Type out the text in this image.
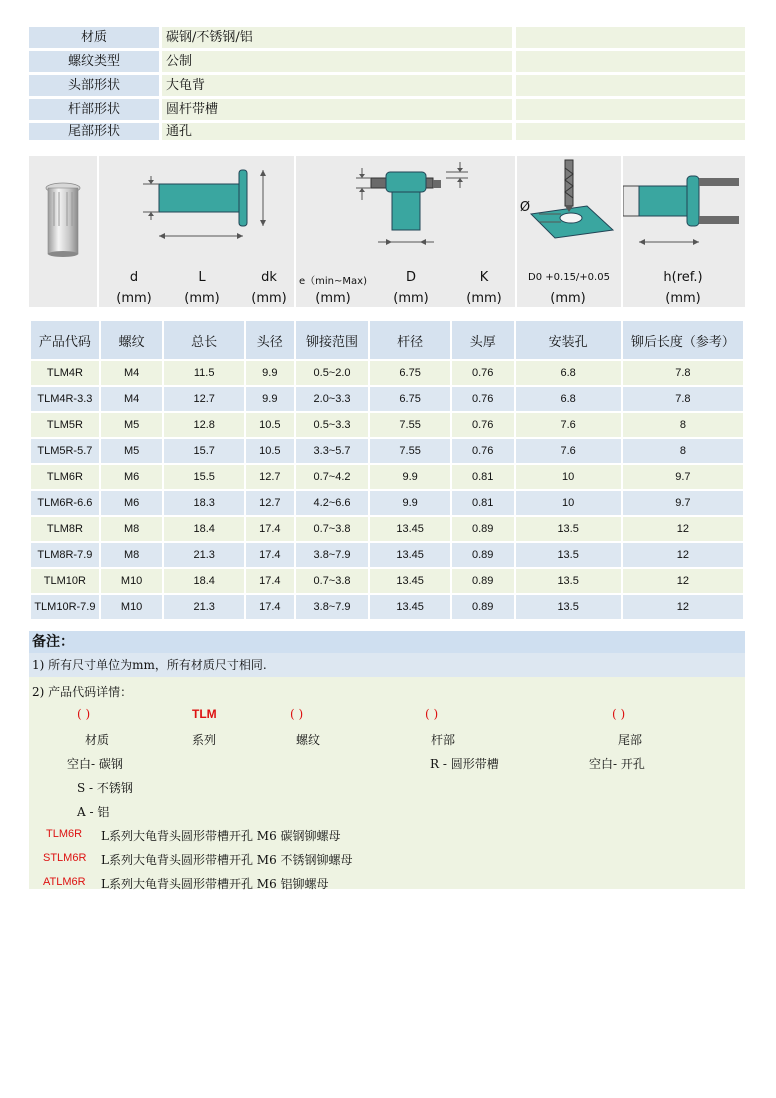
材质	碳钢/不锈钢/铝
螺纹类型	公制
头部形状	大龟背
杆部形状	圆杆带槽
尾部形状	通孔
d	L	dk
(mm)	(mm)	(mm)
e（min~Max)	D	K
(mm)	(mm)	(mm)
Ø
D0 +0.15/+0.05
(mm)
h(ref.)
(mm)
产品代码	螺纹	总长	头径	铆接范围	杆径	头厚	安装孔	铆后长度（参考）
TLM4R	M4	11.5	9.9	0.5~2.0	6.75	0.76	6.8	7.8
TLM4R-3.3	M4	12.7	9.9	2.0~3.3	6.75	0.76	6.8	7.8
TLM5R	M5	12.8	10.5	0.5~3.3	7.55	0.76	7.6	8
TLM5R-5.7	M5	15.7	10.5	3.3~5.7	7.55	0.76	7.6	8
TLM6R	M6	15.5	12.7	0.7~4.2	9.9	0.81	10	9.7
TLM6R-6.6	M6	18.3	12.7	4.2~6.6	9.9	0.81	10	9.7
TLM8R	M8	18.4	17.4	0.7~3.8	13.45	0.89	13.5	12
TLM8R-7.9	M8	21.3	17.4	3.8~7.9	13.45	0.89	13.5	12
TLM10R	M10	18.4	17.4	0.7~3.8	13.45	0.89	13.5	12
TLM10R-7.9	M10	21.3	17.4	3.8~7.9	13.45	0.89	13.5	12
备注：
1) 所有尺寸单位为mm，所有材质尺寸相同.
2) 产品代码详情：
( )	TLM	( )	( )	( )
材质	系列	螺纹	杆部	尾部
空白- 碳钢	R - 圆形带槽	空白- 开孔
S - 不锈钢
A - 铝
TLM6R L系列大龟背头圆形带槽开孔 M6 碳钢铆螺母
STLM6R L系列大龟背头圆形带槽开孔 M6 不锈钢铆螺母
ATLM6R L系列大龟背头圆形带槽开孔 M6 铝铆螺母
